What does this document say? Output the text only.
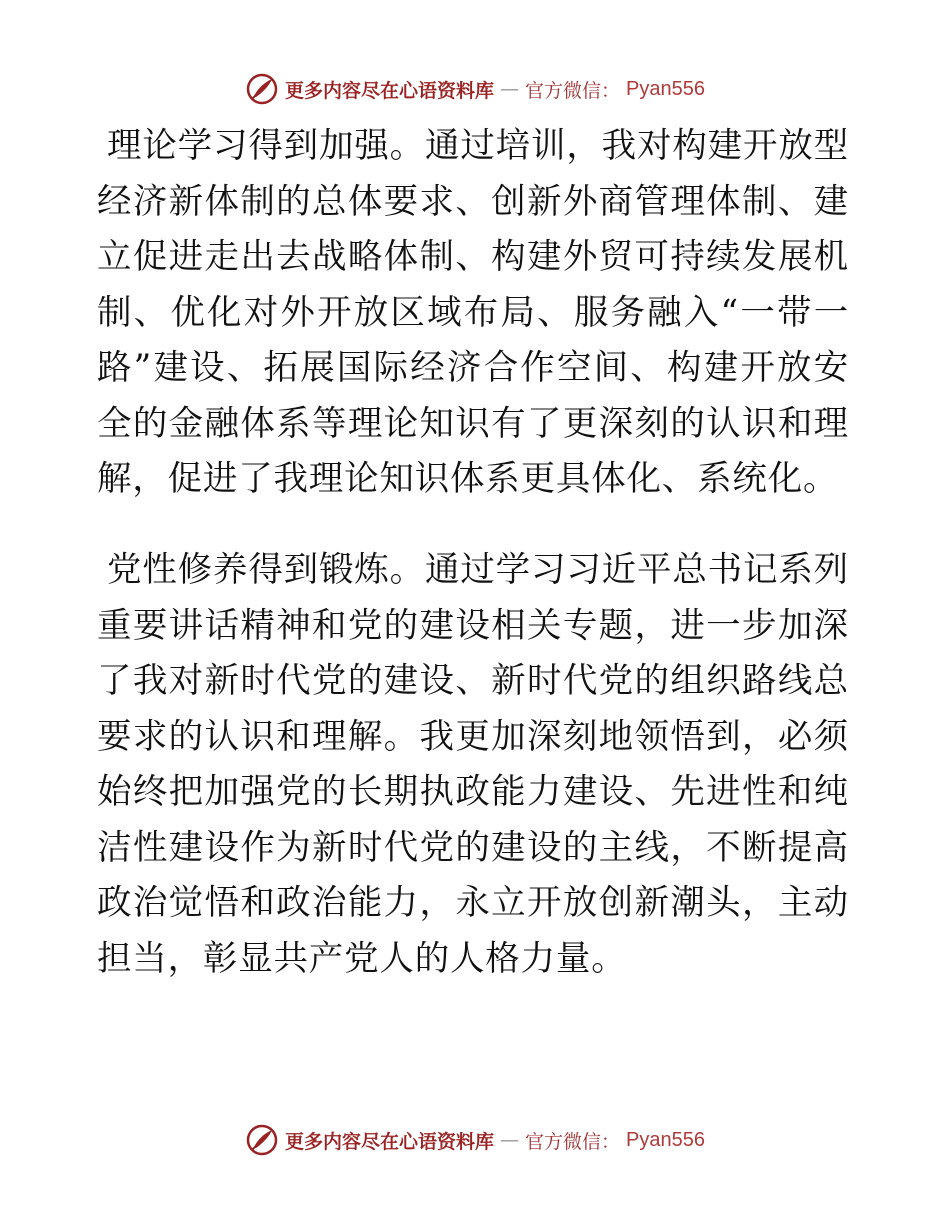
更多内容尽在心语资料库 — 官方微信： Pyan556

理论学习得到加强。通过培训，我对构建开放型经济新体制的总体要求、创新外商管理体制、建立促进走出去战略体制、构建外贸可持续发展机制、优化对外开放区域布局、服务融入“一带一路”建设、拓展国际经济合作空间、构建开放安全的金融体系等理论知识有了更深刻的认识和理解，促进了我理论知识体系更具体化、系统化。

党性修养得到锻炼。通过学习习近平总书记系列重要讲话精神和党的建设相关专题，进一步加深了我对新时代党的建设、新时代党的组织路线总要求的认识和理解。我更加深刻地领悟到，必须始终把加强党的长期执政能力建设、先进性和纯洁性建设作为新时代党的建设的主线，不断提高政治觉悟和政治能力，永立开放创新潮头，主动担当，彰显共产党人的人格力量。

更多内容尽在心语资料库 — 官方微信： Pyan556
